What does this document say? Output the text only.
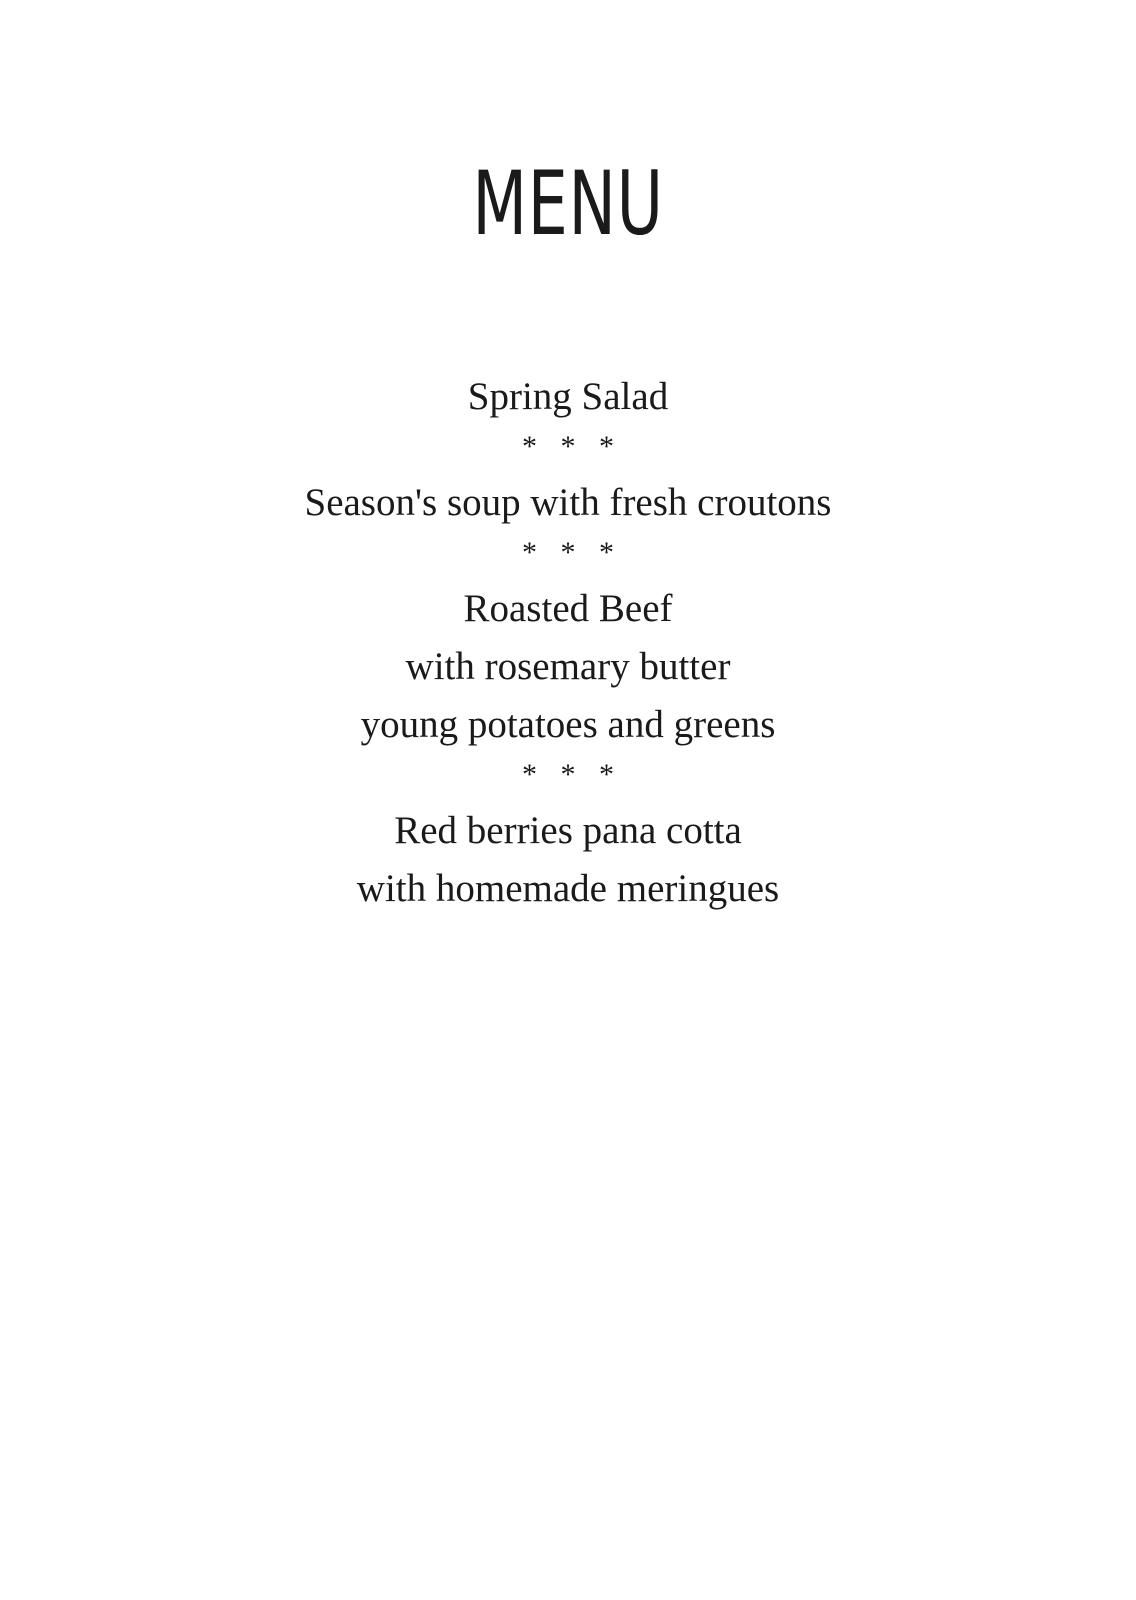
MENU

Spring Salad

* * *

Season's soup with fresh croutons

* * *

Roasted Beef

with rosemary butter

young potatoes and greens

* * *

Red berries pana cotta

with homemade meringues
